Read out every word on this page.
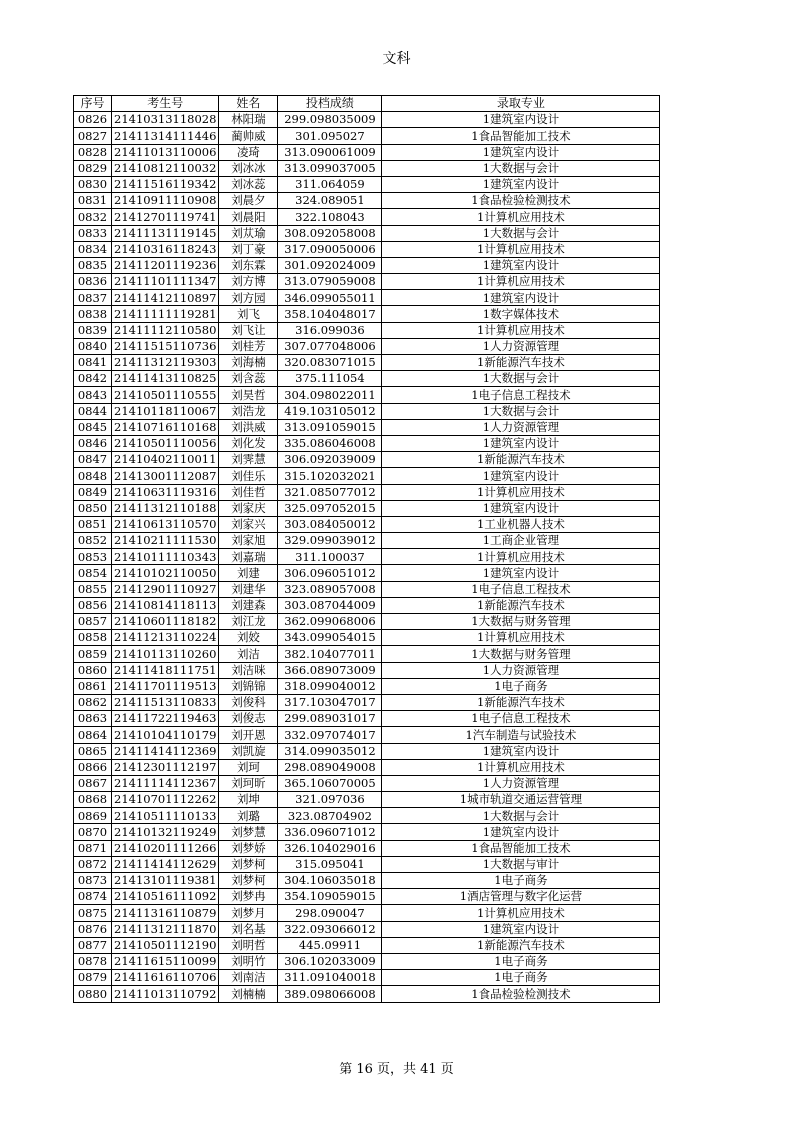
文科
序号	考生号	姓名	投档成绩	录取专业
0826	21410313118028	林阳瑞	299.098035009	1建筑室内设计
0827	21411314111446	蔺帅威	301.095027	1食品智能加工技术
0828	21411013110006	凌琦	313.090061009	1建筑室内设计
0829	21410812110032	刘冰冰	313.099037005	1大数据与会计
0830	21411516119342	刘冰蕊	311.064059	1建筑室内设计
0831	21410911110908	刘晨夕	324.089051	1食品检验检测技术
0832	21412701119741	刘晨阳	322.108043	1计算机应用技术
0833	21411131119145	刘苁瑜	308.092058008	1大数据与会计
0834	21410316118243	刘丁豪	317.090050006	1计算机应用技术
0835	21411201119236	刘东霖	301.092024009	1建筑室内设计
0836	21411101111347	刘方博	313.079059008	1计算机应用技术
0837	21411412110897	刘方园	346.099055011	1建筑室内设计
0838	21411111119281	刘飞	358.104048017	1数字媒体技术
0839	21411112110580	刘飞让	316.099036	1计算机应用技术
0840	21411515110736	刘桂芳	307.077048006	1人力资源管理
0841	21411312119303	刘海楠	320.083071015	1新能源汽车技术
0842	21411413110825	刘含蕊	375.111054	1大数据与会计
0843	21410501110555	刘昊哲	304.098022011	1电子信息工程技术
0844	21410118110067	刘浩龙	419.103105012	1大数据与会计
0845	21410716110168	刘洪威	313.091059015	1人力资源管理
0846	21410501110056	刘化发	335.086046008	1建筑室内设计
0847	21410402110011	刘霁慧	306.092039009	1新能源汽车技术
0848	21413001112087	刘佳乐	315.102032021	1建筑室内设计
0849	21410631119316	刘佳哲	321.085077012	1计算机应用技术
0850	21411312110188	刘家庆	325.097052015	1建筑室内设计
0851	21410613110570	刘家兴	303.084050012	1工业机器人技术
0852	21410211111530	刘家旭	329.099039012	1工商企业管理
0853	21410111110343	刘嘉瑞	311.100037	1计算机应用技术
0854	21410102110050	刘建	306.096051012	1建筑室内设计
0855	21412901110927	刘建华	323.089057008	1电子信息工程技术
0856	21410814118113	刘建森	303.087044009	1新能源汽车技术
0857	21410601118182	刘江龙	362.099068006	1大数据与财务管理
0858	21411213110224	刘姣	343.099054015	1计算机应用技术
0859	21410113110260	刘洁	382.104077011	1大数据与财务管理
0860	21411418111751	刘洁咪	366.089073009	1人力资源管理
0861	21411701119513	刘锦锦	318.099040012	1电子商务
0862	21411513110833	刘俊科	317.103047017	1新能源汽车技术
0863	21411722119463	刘俊志	299.089031017	1电子信息工程技术
0864	21410104110179	刘开恩	332.097074017	1汽车制造与试验技术
0865	21411414112369	刘凯旋	314.099035012	1建筑室内设计
0866	21412301112197	刘珂	298.089049008	1计算机应用技术
0867	21411114112367	刘珂昕	365.106070005	1人力资源管理
0868	21410701112262	刘坤	321.097036	1城市轨道交通运营管理
0869	21410511110133	刘璐	323.08704902	1大数据与会计
0870	21410132119249	刘梦慧	336.096071012	1建筑室内设计
0871	21410201111266	刘梦娇	326.104029016	1食品智能加工技术
0872	21411414112629	刘梦柯	315.095041	1大数据与审计
0873	21413101119381	刘梦柯	304.106035018	1电子商务
0874	21410516111092	刘梦冉	354.109059015	1酒店管理与数字化运营
0875	21411316110879	刘梦月	298.090047	1计算机应用技术
0876	21411312111870	刘名基	322.093066012	1建筑室内设计
0877	21410501112190	刘明哲	445.09911	1新能源汽车技术
0878	21411615110099	刘明竹	306.102033009	1电子商务
0879	21411616110706	刘南洁	311.091040018	1电子商务
0880	21411013110792	刘楠楠	389.098066008	1食品检验检测技术
第 16 页，共 41 页
